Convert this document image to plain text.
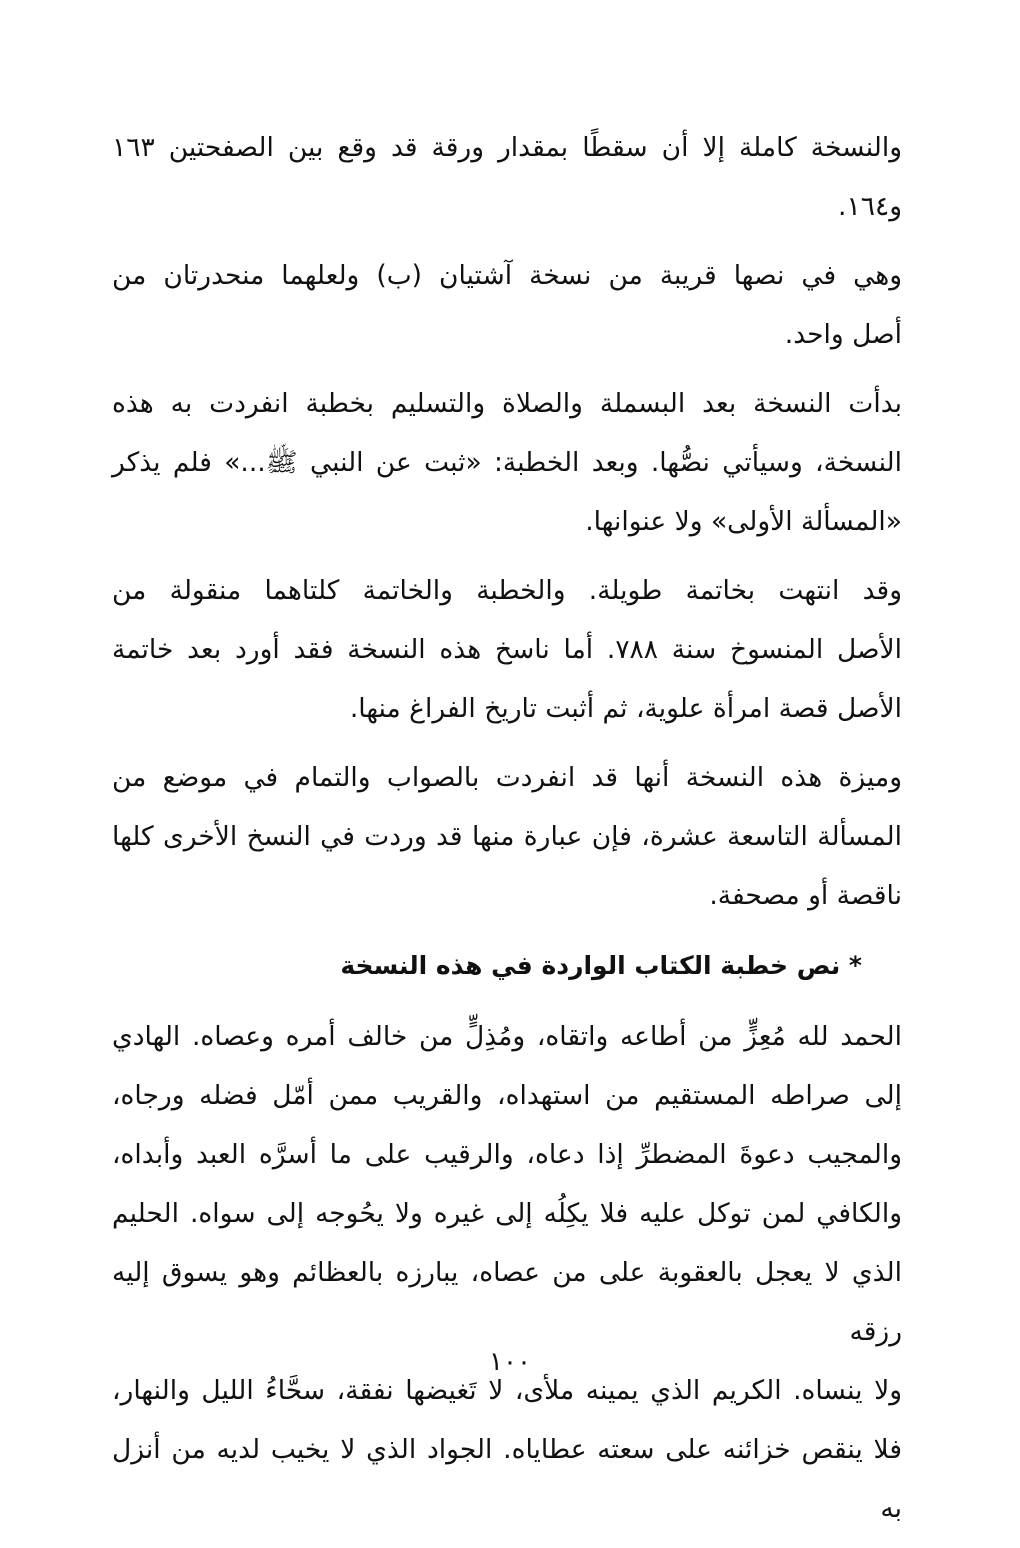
والنسخة كاملة إلا أن سقطًا بمقدار ورقة قد وقع بين الصفحتين ١٦٣
و١٦٤.
وهي في نصها قريبة من نسخة آشتيان (ب) ولعلهما منحدرتان من
أصل واحد.
بدأت النسخة بعد البسملة والصلاة والتسليم بخطبة انفردت به هذه
النسخة، وسيأتي نصُّها. وبعد الخطبة: «ثبت عن النبي ﷺ...» فلم يذكر
«المسألة الأولى» ولا عنوانها.
وقد انتهت بخاتمة طويلة. والخطبة والخاتمة كلتاهما منقولة من
الأصل المنسوخ سنة ٧٨٨. أما ناسخ هذه النسخة فقد أورد بعد خاتمة
الأصل قصة امرأة علوية، ثم أثبت تاريخ الفراغ منها.
وميزة هذه النسخة أنها قد انفردت بالصواب والتمام في موضع من
المسألة التاسعة عشرة، فإن عبارة منها قد وردت في النسخ الأخرى كلها
ناقصة أو مصحفة.
* نص خطبة الكتاب الواردة في هذه النسخة
الحمد لله مُعِزٍّ من أطاعه واتقاه، ومُذِلٍّ من خالف أمره وعصاه. الهادي
إلى صراطه المستقيم من استهداه، والقريب ممن أمّل فضله ورجاه،
والمجيب دعوةَ المضطرِّ إذا دعاه، والرقيب على ما أسرَّه العبد وأبداه،
والكافي لمن توكل عليه فلا يكِلُه إلى غيره ولا يحُوجه إلى سواه. الحليم
الذي لا يعجل بالعقوبة على من عصاه، يبارزه بالعظائم وهو يسوق إليه رزقه
ولا ينساه. الكريم الذي يمينه ملأى، لا تَغيضها نفقة، سحَّاءُ الليل والنهار،
فلا ينقص خزائنه على سعته عطاياه. الجواد الذي لا يخيب لديه من أنزل به
١٠٠
